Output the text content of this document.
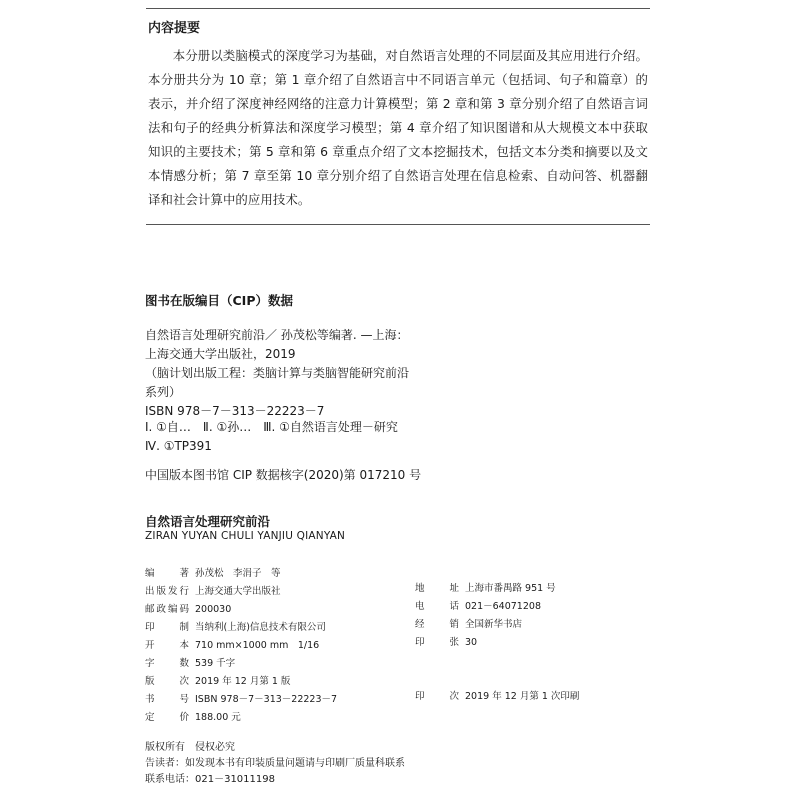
内容提要
本分册以类脑模式的深度学习为基础，对自然语言处理的不同层面及其应用进行介绍。本分册共分为 10 章；第 1 章介绍了自然语言中不同语言单元（包括词、句子和篇章）的表示，并介绍了深度神经网络的注意力计算模型；第 2 章和第 3 章分别介绍了自然语言词法和句子的经典分析算法和深度学习模型；第 4 章介绍了知识图谱和从大规模文本中获取知识的主要技术；第 5 章和第 6 章重点介绍了文本挖掘技术，包括文本分类和摘要以及文本情感分析；第 7 章至第 10 章分别介绍了自然语言处理在信息检索、自动问答、机器翻译和社会计算中的应用技术。
图书在版编目（CIP）数据
自然语言处理研究前沿／ 孙茂松等编著. —上海：
上海交通大学出版社，2019
（脑计划出版工程：类脑计算与类脑智能研究前沿
系列）
ISBN 978－7－313－22223－7
Ⅰ. ①自…　Ⅱ. ①孙…　Ⅲ. ①自然语言处理－研究
Ⅳ. ①TP391
中国版本图书馆 CIP 数据核字(2020)第 017210 号
自然语言处理研究前沿
ZIRAN YUYAN CHULI YANJIU QIANYAN
编　著 孙茂松　李涓子　等
出版发行 上海交通大学出版社
邮政编码 200030
印　制 当纳利(上海)信息技术有限公司
开　本 710 mm×1000 mm　1/16
字　数 539 千字
版　次 2019 年 12 月第 1 版
书　号 ISBN 978－7－313－22223－7
定　价 188.00 元
地　址 上海市番禺路 951 号
电　话 021－64071208
经　销 全国新华书店
印　张 30
印　次 2019 年 12 月第 1 次印刷
版权所有　侵权必究
告读者：如发现本书有印装质量问题请与印刷厂质量科联系
联系电话：021－31011198
